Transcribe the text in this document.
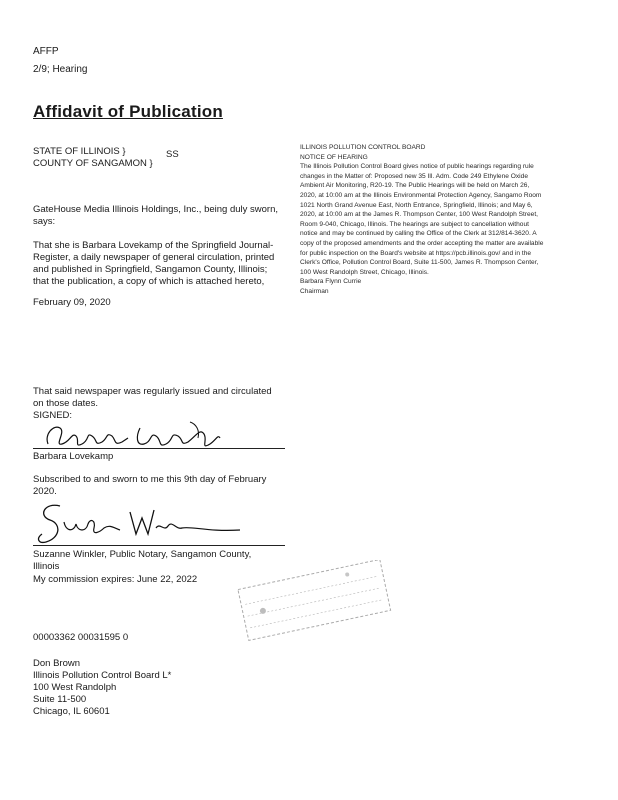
AFFP
2/9; Hearing
Affidavit of Publication
STATE OF ILLINOIS }	SS
COUNTY OF SANGAMON }
GateHouse Media Illinois Holdings, Inc., being duly sworn,
says:
That she is Barbara Lovekamp of the Springfield Journal-
Register, a daily newspaper of general circulation, printed
and published in Springfield, Sangamon County, Illinois;
that the publication, a copy of which is attached hereto,
February 09, 2020
That said newspaper was regularly issued and circulated
on those dates.
SIGNED:
Barbara Lovekamp
Subscribed to and sworn to me this 9th day of February
2020.
Suzanne Winkler, Public Notary, Sangamon County,
Illinois
My commission expires: June 22, 2022
00003362 00031595 0
Don Brown
Illinois Pollution Control Board L*
100 West Randolph
Suite 11-500
Chicago, IL 60601
ILLINOIS POLLUTION CONTROL BOARD
NOTICE OF HEARING
The Illinois Pollution Control Board gives notice of public hearings regarding rule
changes in the Matter of: Proposed new 35 Ill. Adm. Code 249 Ethylene Oxide
Ambient Air Monitoring, R20-19. The Public Hearings will be held on March 26,
2020, at 10:00 am at the Illinois Environmental Protection Agency, Sangamo Room
1021 North Grand Avenue East, North Entrance, Springfield, Illinois; and May 6,
2020, at 10:00 am at the James R. Thompson Center, 100 West Randolph Street,
Room 9-040, Chicago, Illinois. The hearings are subject to cancellation without
notice and may be continued by calling the Office of the Clerk at 312/814-3620. A
copy of the proposed amendments and the order accepting the matter are available
for public inspection on the Board's website at https://pcb.illinois.gov/ and in the
Clerk's Office, Pollution Control Board, Suite 11-500, James R. Thompson Center,
100 West Randolph Street, Chicago, Illinois.
Barbara Flynn Currie
Chairman
